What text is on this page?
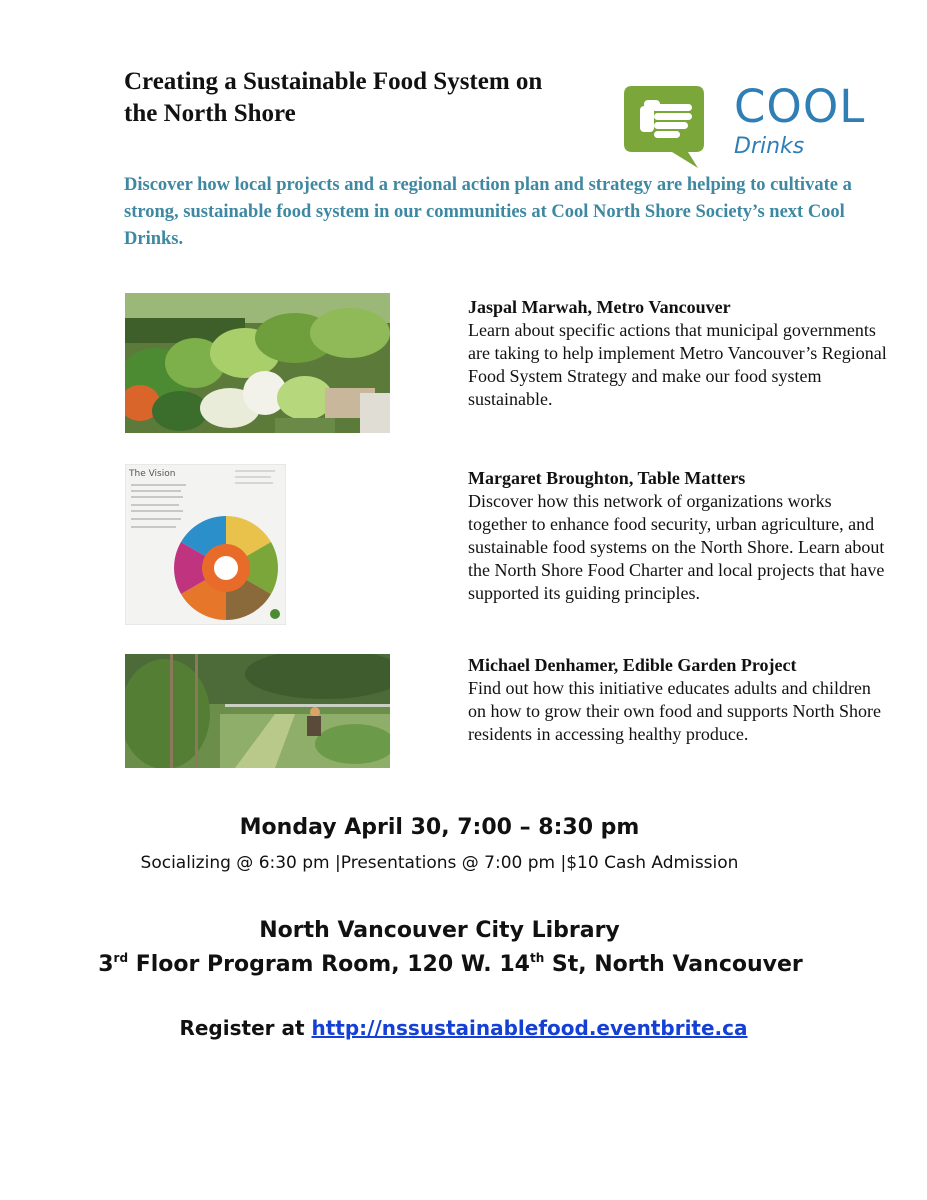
Creating a Sustainable Food System on
the North Shore	COOL
Drinks
Discover how local projects and a regional action plan and strategy are helping to cultivate a strong, sustainable food system in our communities at Cool North Shore Society’s next Cool Drinks.
Jaspal Marwah, Metro Vancouver
Learn about specific actions that municipal governments are taking to help implement Metro Vancouver’s Regional Food System Strategy and make our food system sustainable.
The Vision	Margaret Broughton, Table Matters
Discover how this network of organizations works together to enhance food security, urban agriculture, and sustainable food systems on the North Shore. Learn about the North Shore Food Charter and local projects that have supported its guiding principles.
Michael Denhamer, Edible Garden Project
Find out how this initiative educates adults and children on how to grow their own food and supports North Shore residents in accessing healthy produce.
Monday April 30, 7:00 – 8:30 pm
Socializing @ 6:30 pm |Presentations @ 7:00 pm |$10 Cash Admission
North Vancouver City Library
3rd Floor Program Room, 120 W. 14th St, North Vancouver
Register at http://nssustainablefood.eventbrite.ca
